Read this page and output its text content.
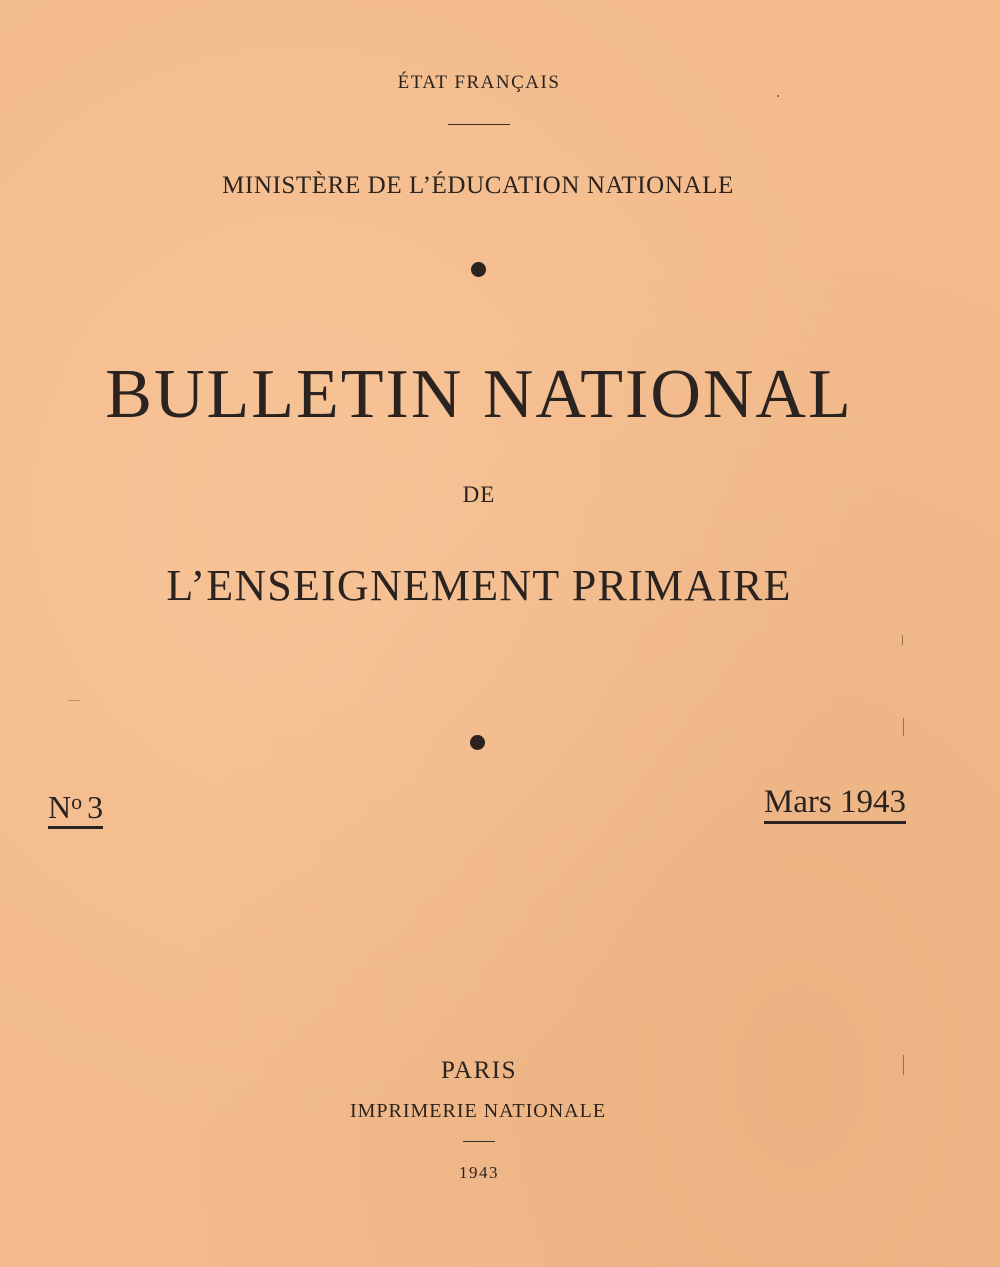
ÉTAT FRANÇAIS
MINISTÈRE DE L’ÉDUCATION NATIONALE
BULLETIN NATIONAL
DE
L’ENSEIGNEMENT PRIMAIRE
$N^o$ 3	Mars 1943
PARIS
IMPRIMERIE NATIONALE
1943
